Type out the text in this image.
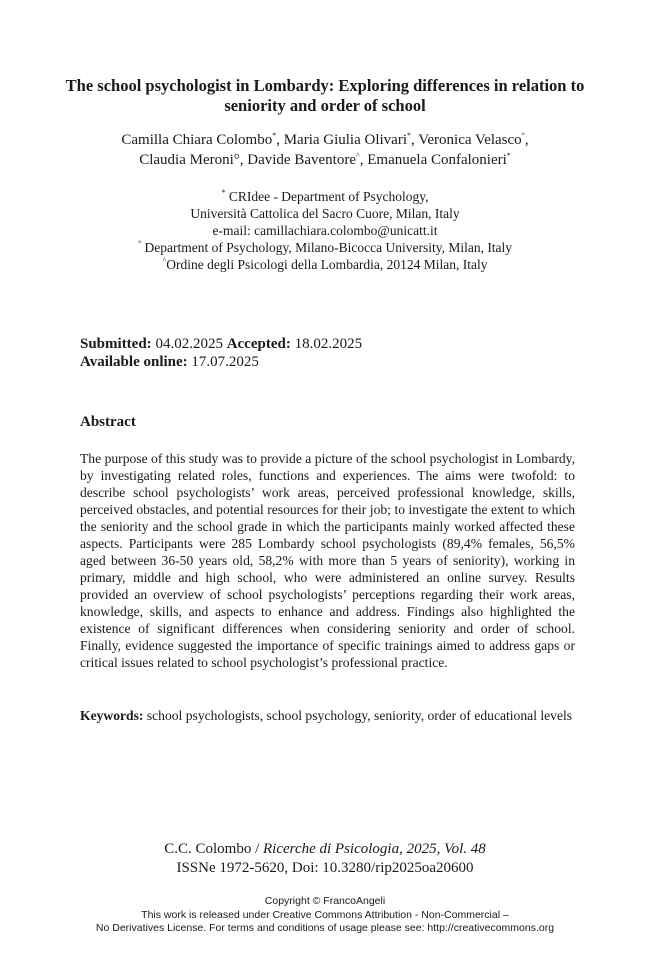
The school psychologist in Lombardy: Exploring differences in relation to seniority and order of school
Camilla Chiara Colombo*, Maria Giulia Olivari*, Veronica Velasco°,
Claudia Meroni°, Davide Baventore^, Emanuela Confalonieri*
* CRIdee - Department of Psychology,
Università Cattolica del Sacro Cuore, Milan, Italy
e-mail: camillachiara.colombo@unicatt.it
° Department of Psychology, Milano-Bicocca University, Milan, Italy
^Ordine degli Psicologi della Lombardia, 20124 Milan, Italy
Submitted: 04.02.2025 Accepted: 18.02.2025
Available online: 17.07.2025
Abstract
The purpose of this study was to provide a picture of the school psychologist in Lombardy, by investigating related roles, functions and experiences. The aims were twofold: to describe school psychologists’ work areas, perceived professional knowledge, skills, perceived obstacles, and potential resources for their job; to investigate the extent to which the seniority and the school grade in which the participants mainly worked affected these aspects. Participants were 285 Lombardy school psychologists (89,4% females, 56,5% aged between 36-50 years old, 58,2% with more than 5 years of seniority), working in primary, middle and high school, who were administered an online survey. Results provided an overview of school psychologists’ perceptions regarding their work areas, knowledge, skills, and aspects to enhance and address. Findings also highlighted the existence of significant differences when considering seniority and order of school. Finally, evidence suggested the importance of specific trainings aimed to address gaps or critical issues related to school psychologist’s professional practice.
Keywords: school psychologists, school psychology, seniority, order of educational levels
C.C. Colombo / Ricerche di Psicologia, 2025, Vol. 48
ISSNe 1972-5620, Doi: 10.3280/rip2025oa20600
Copyright © FrancoAngeli
This work is released under Creative Commons Attribution - Non-Commercial –
No Derivatives License. For terms and conditions of usage please see: http://creativecommons.org
